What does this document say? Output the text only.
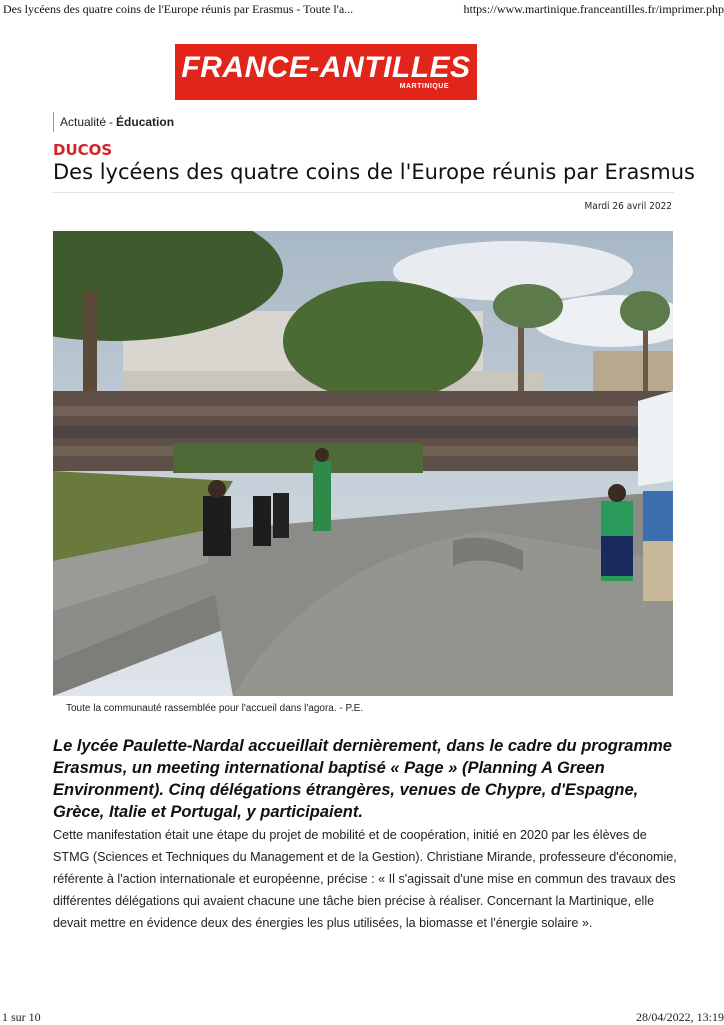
Des lycéens des quatre coins de l'Europe réunis par Erasmus - Toute l'a...	https://www.martinique.franceantilles.fr/imprimer.php
FRANCE-ANTILLES
MARTINIQUE
Actualité - Éducation
DUCOS
Des lycéens des quatre coins de l'Europe réunis par Erasmus
Mardi 26 avril 2022
Toute la communauté rassemblée pour l'accueil dans l'agora. - P.E.
Le lycée Paulette-Nardal accueillait dernièrement, dans le cadre du programme Erasmus, un meeting international baptisé « Page » (Planning A Green Environment). Cinq délégations étrangères, venues de Chypre, d'Espagne, Grèce, Italie et Portugal, y participaient.
Cette manifestation était une étape du projet de mobilité et de coopération, initié en 2020 par les élèves de STMG (Sciences et Techniques du Management et de la Gestion). Christiane Mirande, professeure d'économie, référente à l'action internationale et européenne, précise : « Il s'agissait d'une mise en commun des travaux des différentes délégations qui avaient chacune une tâche bien précise à réaliser. Concernant la Martinique, elle devait mettre en évidence deux des énergies les plus utilisées, la biomasse et l'énergie solaire ».
1 sur 10	28/04/2022, 13:19
